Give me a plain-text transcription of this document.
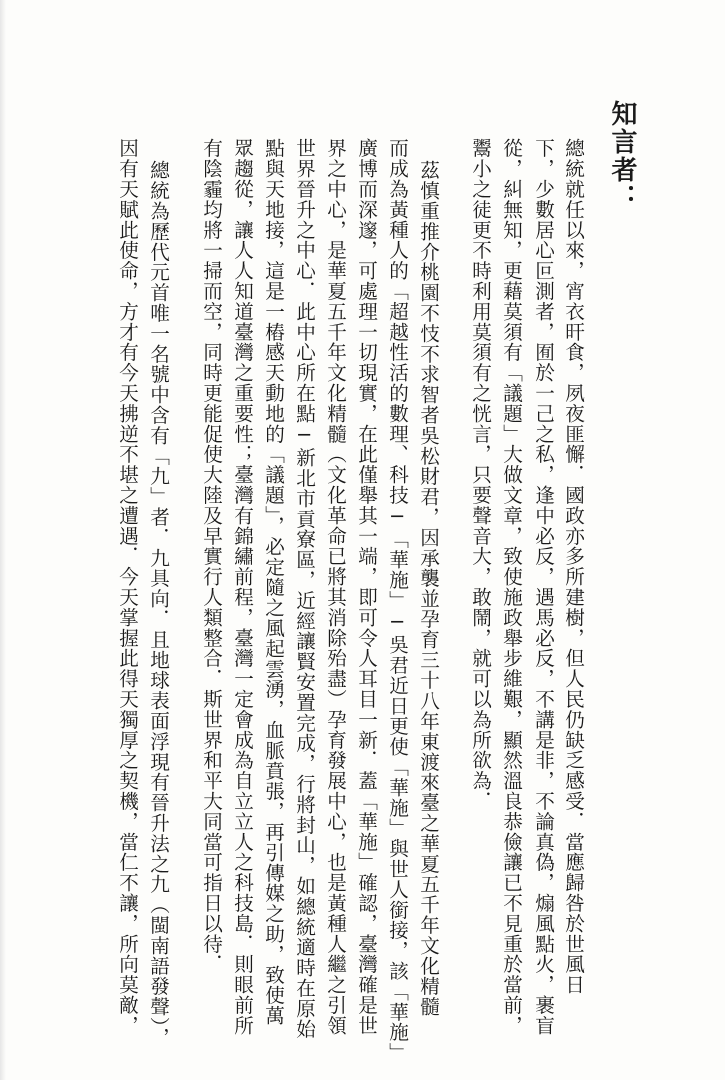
知言者：

總統就任以來，宵衣旰食，夙夜匪懈．國政亦多所建樹，但人民仍缺乏感受．當應歸咎於世風日

下，少數居心叵測者，囿於一己之私，逢中必反，遇馬必反，不講是非，不論真偽，煽風點火，裹盲

從，糾無知，更藉莫須有「議題」大做文章，致使施政舉步維艱，顯然溫良恭儉讓已不見重於當前，

鬻小之徒更不時利用莫須有之恍言，只要聲音大，敢鬧，就可以為所欲為．

茲慎重推介桃園不忮不求智者吳松財君，因承襲並孕育三十八年東渡來臺之華夏五千年文化精髓

而成為黃種人的「超越性活的數理、科技─「華施」─吳君近日更使「華施」與世人銜接，該「華施」

廣博而深邃，可處理一切現實，在此僅舉其一端，即可令人耳目一新．蓋「華施」確認，臺灣確是世

界之中心，是華夏五千年文化精髓（文化革命已將其消除殆盡）孕育發展中心，也是黃種人繼之引領

世界晉升之中心．此中心所在點─新北市貢寮區，近經讓賢安置完成，行將封山，如總統適時在原始

點與天地接，這是一樁感天動地的「議題」，必定隨之風起雲湧，血脈賁張，再引傳媒之助，致使萬

眾趨從，讓人人知道臺灣之重要性；臺灣有錦繡前程，臺灣一定會成為自立立人之科技島．則眼前所

有陰霾均將一掃而空，同時更能促使大陸及早實行人類整合．斯世界和平大同當可指日以待．

總統為歷代元首唯一名號中含有「九」者．九具向．且地球表面浮現有晉升法之九（閩南語發聲），

因有天賦此使命，方才有今天拂逆不堪之遭遇．今天掌握此得天獨厚之契機，當仁不讓，所向莫敵，
